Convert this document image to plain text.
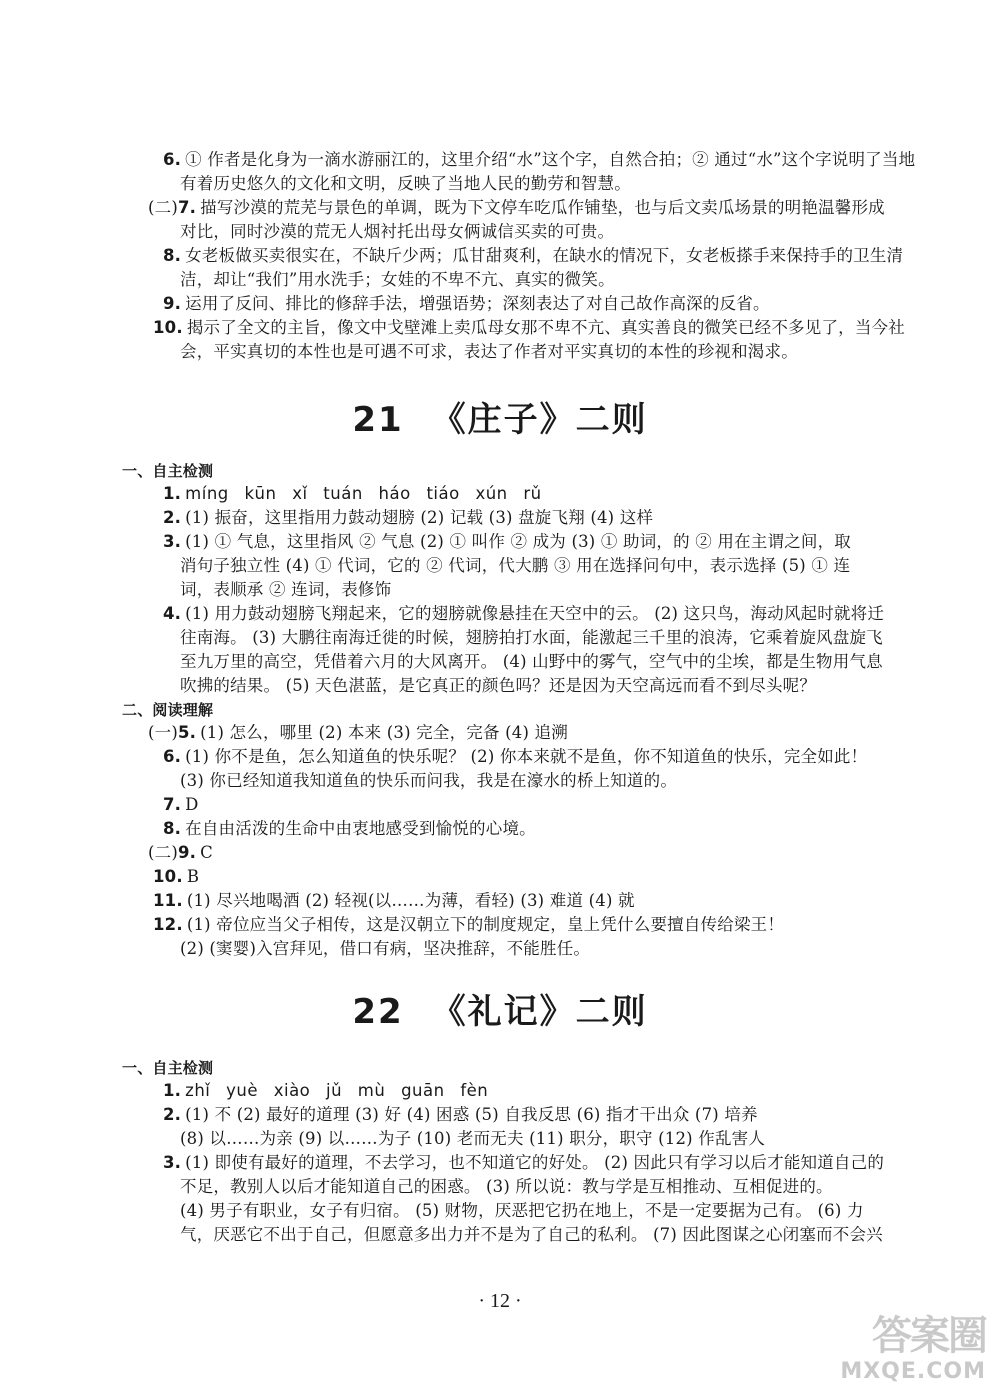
6. ① 作者是化身为一滴水游丽江的，这里介绍“水”这个字，自然合拍；② 通过“水”这个字说明了当地
有着历史悠久的文化和文明，反映了当地人民的勤劳和智慧。
(二)7. 描写沙漠的荒芜与景色的单调，既为下文停车吃瓜作铺垫，也与后文卖瓜场景的明艳温馨形成
对比，同时沙漠的荒无人烟衬托出母女俩诚信买卖的可贵。
8. 女老板做买卖很实在，不缺斤少两；瓜甘甜爽利，在缺水的情况下，女老板搽手来保持手的卫生清
洁，却让“我们”用水洗手；女娃的不卑不亢、真实的微笑。
9. 运用了反问、排比的修辞手法，增强语势；深刻表达了对自己故作高深的反省。
10. 揭示了全文的主旨，像文中戈壁滩上卖瓜母女那不卑不亢、真实善良的微笑已经不多见了，当今社
会，平实真切的本性也是可遇不可求，表达了作者对平实真切的本性的珍视和渴求。
21 《庄子》二则
一、自主检测
1. míng kūn xǐ tuán háo tiáo xún rǔ
2. (1) 振奋，这里指用力鼓动翅膀 (2) 记载 (3) 盘旋飞翔 (4) 这样
3. (1) ① 气息，这里指风 ② 气息 (2) ① 叫作 ② 成为 (3) ① 助词，的 ② 用在主谓之间，取
消句子独立性 (4) ① 代词，它的 ② 代词，代大鹏 ③ 用在选择问句中，表示选择 (5) ① 连
词，表顺承 ② 连词，表修饰
4. (1) 用力鼓动翅膀飞翔起来，它的翅膀就像悬挂在天空中的云。 (2) 这只鸟，海动风起时就将迁
往南海。 (3) 大鹏往南海迁徙的时候，翅膀拍打水面，能激起三千里的浪涛，它乘着旋风盘旋飞
至九万里的高空，凭借着六月的大风离开。 (4) 山野中的雾气，空气中的尘埃，都是生物用气息
吹拂的结果。 (5) 天色湛蓝，是它真正的颜色吗？还是因为天空高远而看不到尽头呢？
二、阅读理解
(一)5. (1) 怎么，哪里 (2) 本来 (3) 完全，完备 (4) 追溯
6. (1) 你不是鱼，怎么知道鱼的快乐呢？ (2) 你本来就不是鱼，你不知道鱼的快乐，完全如此！
(3) 你已经知道我知道鱼的快乐而问我，我是在濠水的桥上知道的。
7. D
8. 在自由活泼的生命中由衷地感受到愉悦的心境。
(二)9. C
10. B
11. (1) 尽兴地喝酒 (2) 轻视(以……为薄，看轻) (3) 难道 (4) 就
12. (1) 帝位应当父子相传，这是汉朝立下的制度规定，皇上凭什么要擅自传给梁王！
(2) (窦婴)入宫拜见，借口有病，坚决推辞，不能胜任。
22 《礼记》二则
一、自主检测
1. zhǐ yuè xiào jǔ mù guān fèn
2. (1) 不 (2) 最好的道理 (3) 好 (4) 困惑 (5) 自我反思 (6) 指才干出众 (7) 培养
(8) 以……为亲 (9) 以……为子 (10) 老而无夫 (11) 职分，职守 (12) 作乱害人
3. (1) 即使有最好的道理，不去学习，也不知道它的好处。 (2) 因此只有学习以后才能知道自己的
不足，教别人以后才能知道自己的困惑。 (3) 所以说：教与学是互相推动、互相促进的。
(4) 男子有职业，女子有归宿。 (5) 财物，厌恶把它扔在地上，不是一定要据为己有。 (6) 力
气，厌恶它不出于自己，但愿意多出力并不是为了自己的私利。 (7) 因此图谋之心闭塞而不会兴
· 12 ·
答案圈
MXQE.COM
